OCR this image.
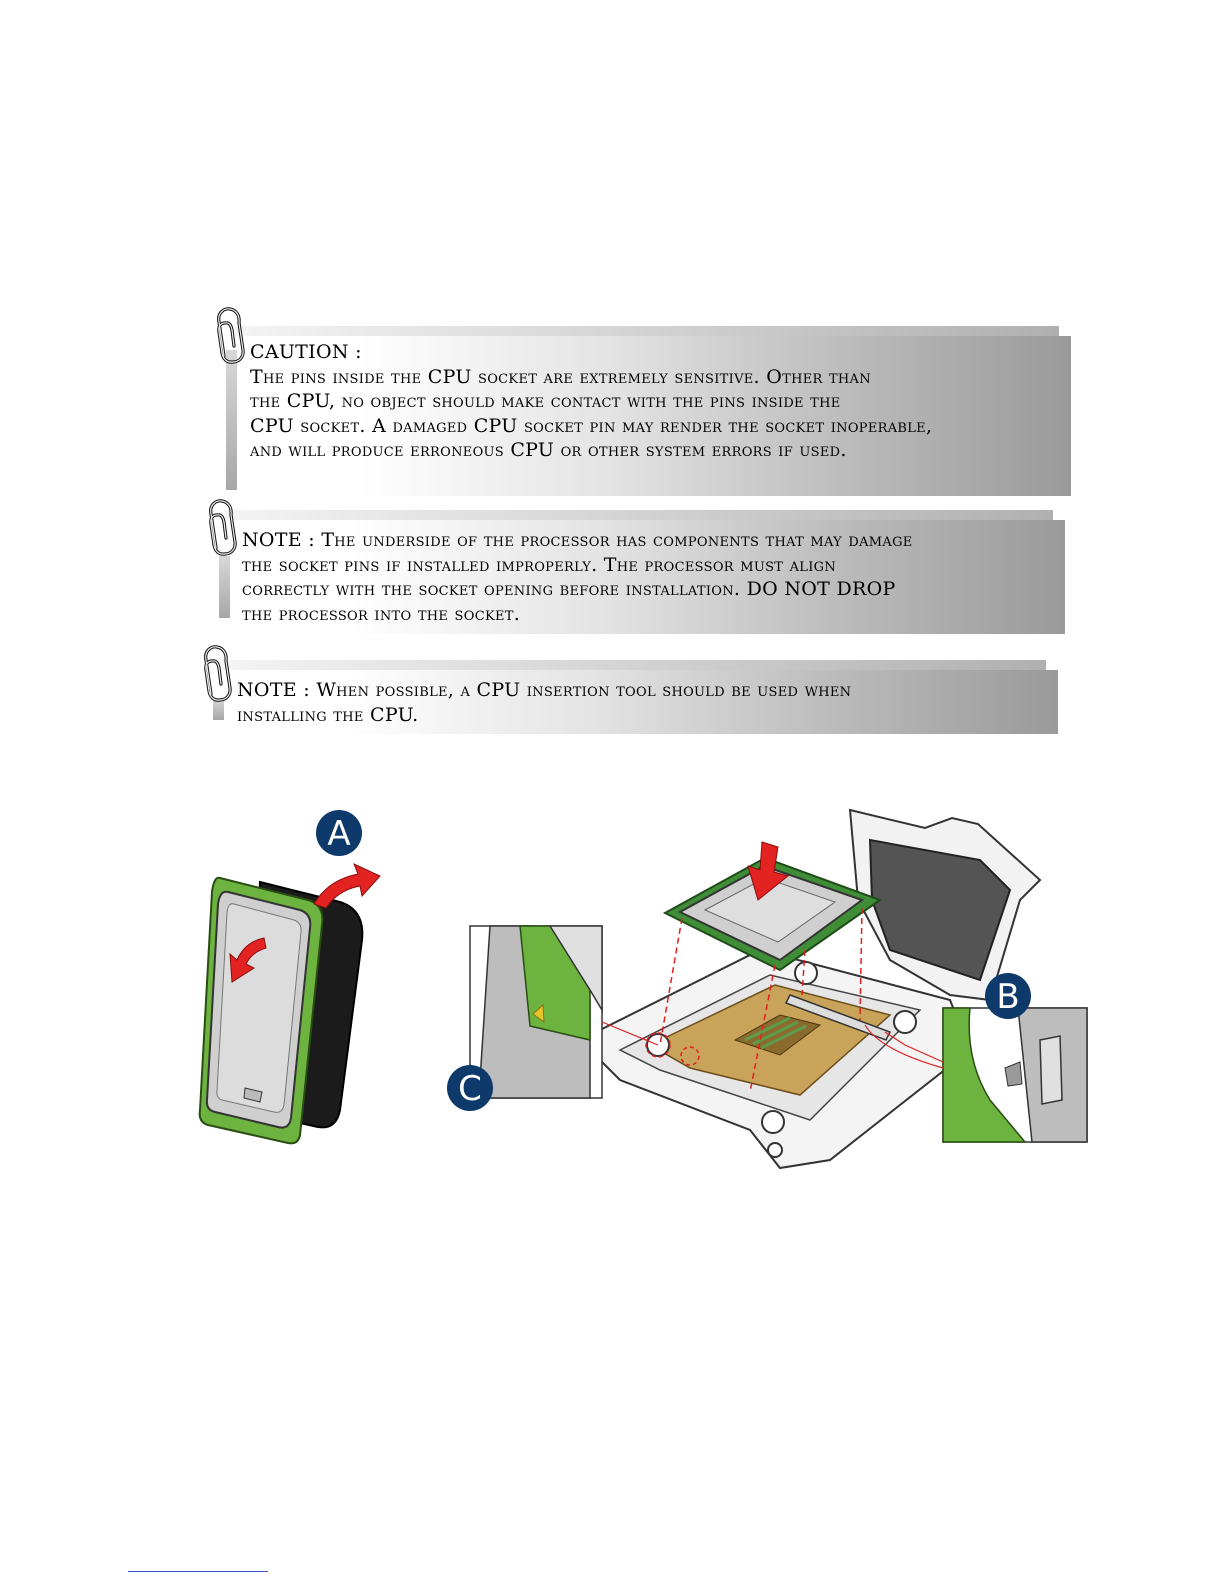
CAUTION :
The pins inside the CPU socket are extremely sensitive. Other than
the CPU, no object should make contact with the pins inside the
CPU socket. A damaged CPU socket pin may render the socket inoperable,
and will produce erroneous CPU or other system errors if used.
NOTE : The underside of the processor has components that may damage
the socket pins if installed improperly. The processor must align
correctly with the socket opening before installation. DO NOT DROP
the processor into the socket.
NOTE : When possible, a CPU insertion tool should be used when
installing the CPU.
A
C
B
